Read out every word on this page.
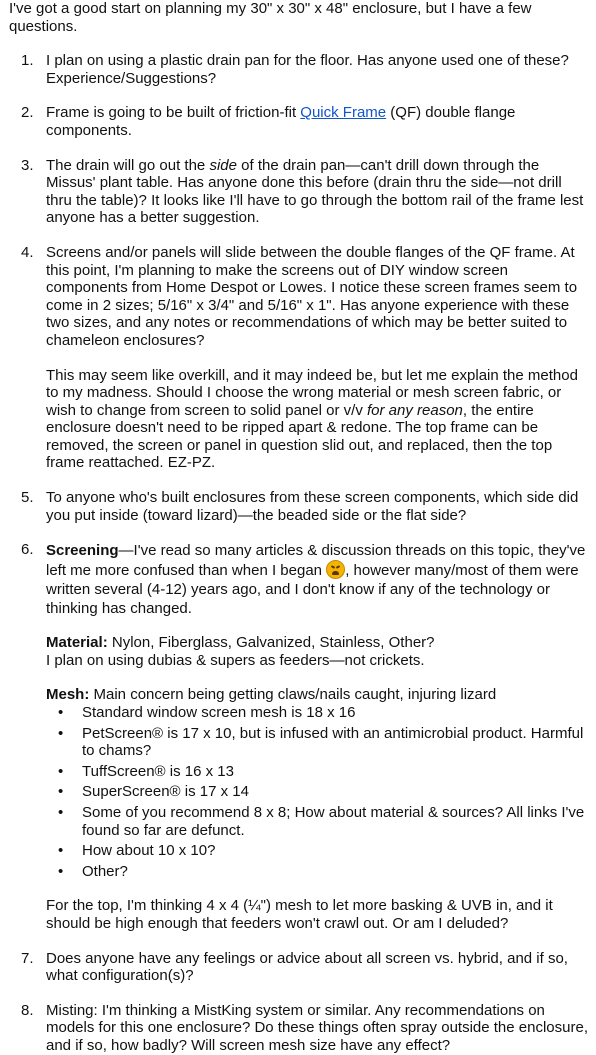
I've got a good start on planning my 30" x 30" x 48" enclosure, but I have a few questions.

1. I plan on using a plastic drain pan for the floor. Has anyone used one of these? Experience/Suggestions?

2. Frame is going to be built of friction-fit Quick Frame (QF) double flange components.

3. The drain will go out the side of the drain pan—can't drill down through the Missus' plant table. Has anyone done this before (drain thru the side—not drill thru the table)? It looks like I'll have to go through the bottom rail of the frame lest anyone has a better suggestion.

4. Screens and/or panels will slide between the double flanges of the QF frame. At this point, I'm planning to make the screens out of DIY window screen components from Home Despot or Lowes. I notice these screen frames seem to come in 2 sizes; 5/16" x 3/4" and 5/16" x 1". Has anyone experience with these two sizes, and any notes or recommendations of which may be better suited to chameleon enclosures?

This may seem like overkill, and it may indeed be, but let me explain the method to my madness. Should I choose the wrong material or mesh screen fabric, or wish to change from screen to solid panel or v/v for any reason, the entire enclosure doesn't need to be ripped apart & redone. The top frame can be removed, the screen or panel in question slid out, and replaced, then the top frame reattached. EZ-PZ.

5. To anyone who's built enclosures from these screen components, which side did you put inside (toward lizard)—the beaded side or the flat side?

6. Screening—I've read so many articles & discussion threads on this topic, they've left me more confused than when I began
, however many/most of them were written several (4-12) years ago, and I don't know if any of the technology or thinking has changed.

Material: Nylon, Fiberglass, Galvanized, Stainless, Other?

I plan on using dubias & supers as feeders—not crickets.

Mesh: Main concern being getting claws/nails caught, injuring lizard

• Standard window screen mesh is 18 x 16
• PetScreen® is 17 x 10, but is infused with an antimicrobial product. Harmful to chams?
• TuffScreen® is 16 x 13
• SuperScreen® is 17 x 14
• Some of you recommend 8 x 8; How about material & sources? All links I've found so far are defunct.
• How about 10 x 10?
• Other?

For the top, I'm thinking 4 x 4 (¼") mesh to let more basking & UVB in, and it should be high enough that feeders won't crawl out. Or am I deluded?

7. Does anyone have any feelings or advice about all screen vs. hybrid, and if so, what configuration(s)?

8. Misting: I'm thinking a MistKing system or similar. Any recommendations on models for this one enclosure? Do these things often spray outside the enclosure, and if so, how badly? Will screen mesh size have any effect?
